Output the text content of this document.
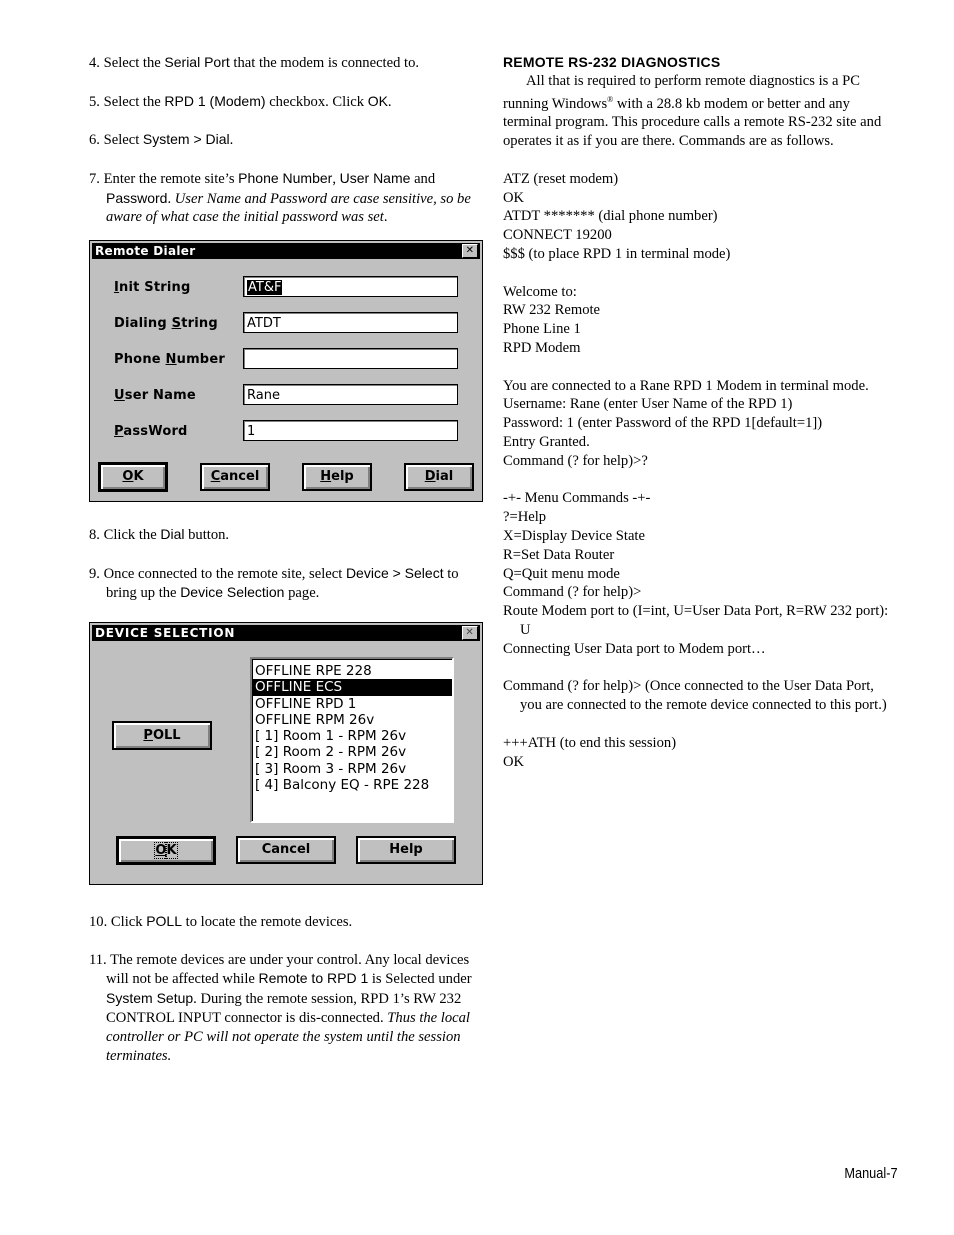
4. Select the Serial Port that the modem is connected to.

5. Select the RPD 1 (Modem) checkbox. Click OK.

6. Select System > Dial.

7. Enter the remote site’s Phone Number, User Name and Password. User Name and Password are case sensitive, so be aware of what case the initial password was set.

Remote Dialer	✕
Init String	AT&F
Dialing String	ATDT
Phone Number
User Name	Rane
PassWord	1
OK	Cancel	Help	Dial

8. Click the Dial button.

9. Once connected to the remote site, select Device > Select to bring up the Device Selection page.

DEVICE SELECTION	✕
POLL
OFFLINE RPE 228
OFFLINE ECS
OFFLINE RPD 1
OFFLINE RPM 26v
[ 1] Room 1 - RPM 26v
[ 2] Room 2 - RPM 26v
[ 3] Room 3 - RPM 26v
[ 4] Balcony EQ - RPE 228
OK	Cancel	Help

10. Click POLL to locate the remote devices.

11. The remote devices are under your control. Any local devices will not be affected while Remote to RPD 1 is Selected under System Setup. During the remote session, RPD 1’s RW 232 CONTROL INPUT connector is dis-connected. Thus the local controller or PC will not operate the system until the session terminates.

REMOTE RS-232 DIAGNOSTICS

All that is required to perform remote diagnostics is a PC running Windows® with a 28.8 kb modem or better and any terminal program. This procedure calls a remote RS-232 site and operates it as if you are there. Commands are as follows.

ATZ (reset modem)

OK

ATDT ******* (dial phone number)

CONNECT 19200

$$$ (to place RPD 1 in terminal mode)

Welcome to:

RW 232 Remote

Phone Line 1

RPD Modem

You are connected to a Rane RPD 1 Modem in terminal mode.

Username: Rane (enter User Name of the RPD 1)

Password: 1 (enter Password of the RPD 1[default=1])

Entry Granted.

Command (? for help)>?

-+- Menu Commands -+-

?=Help

X=Display Device State

R=Set Data Router

Q=Quit menu mode

Command (? for help)>

Route Modem port to (I=int, U=User Data Port, R=RW 232 port): U

Connecting User Data port to Modem port…

Command (? for help)> (Once connected to the User Data Port, you are connected to the remote device connected to this port.)

+++ATH (to end this session)

OK

Manual-7
